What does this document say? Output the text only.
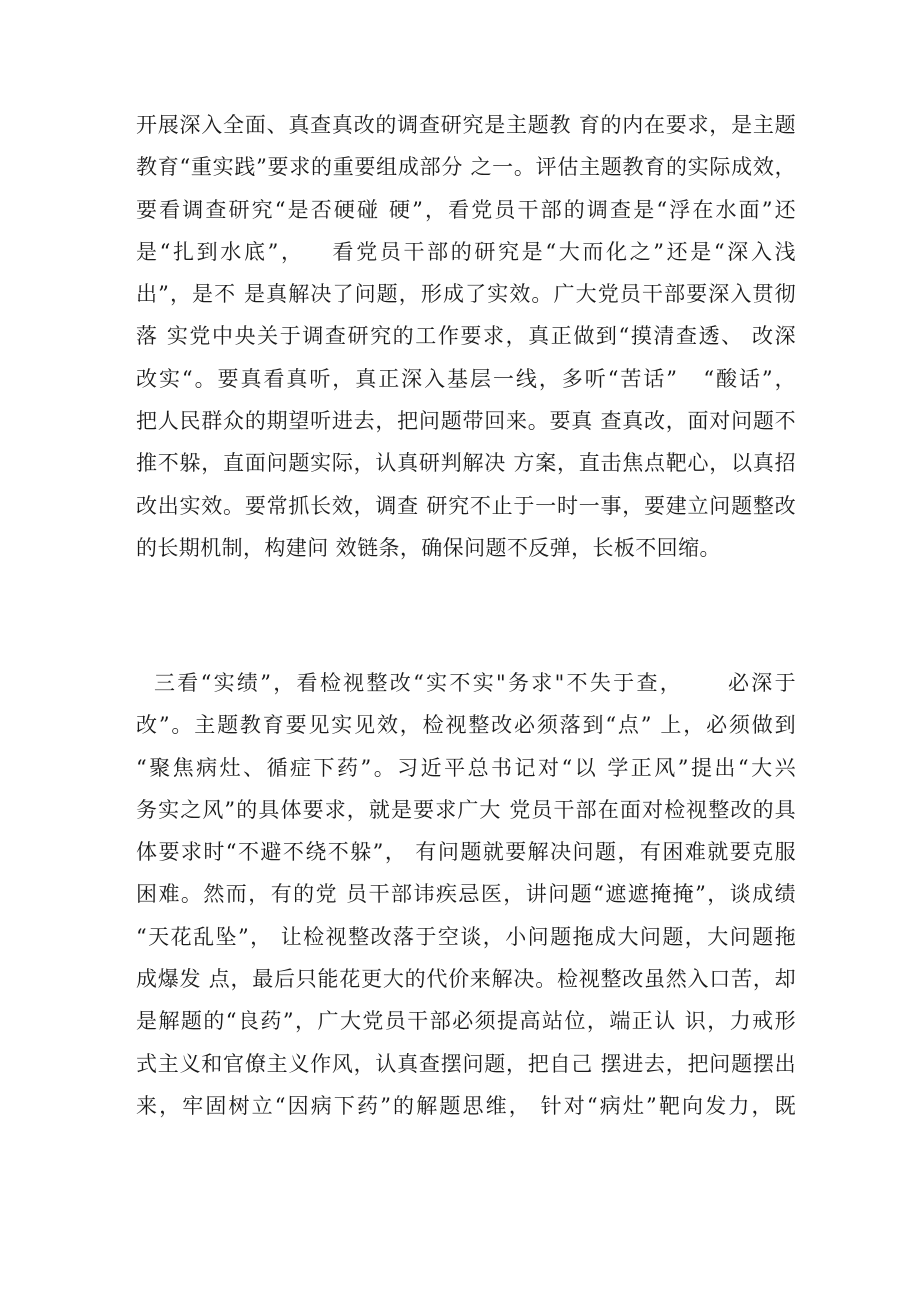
开展深入全面、真查真改的调查研究是主题教 育的内在要求，是主题
教育“重实践”要求的重要组成部分 之一。评估主题教育的实际成效，
要看调查研究“是否硬碰 硬”，看党员干部的调查是“浮在水面”还
是“扎到水底”，   看党员干部的研究是“大而化之”还是“深入浅
出”，是不 是真解决了问题，形成了实效。广大党员干部要深入贯彻
落 实党中央关于调查研究的工作要求，真正做到“摸清查透、 改深
改实“。要真看真听，真正深入基层一线，多听“苦话”   “酸话”，
把人民群众的期望听进去，把问题带回来。要真 查真改，面对问题不
推不躲，直面问题实际，认真研判解决 方案，直击焦点靶心，以真招
改出实效。要常抓长效，调查 研究不止于一时一事，要建立问题整改
的长期机制，构建问 效链条，确保问题不反弹，长板不回缩。
三看“实绩”，看检视整改“实不实"务求"不失于查，     必深于
改”。主题教育要见实见效，检视整改必须落到“点” 上，必须做到
“聚焦病灶、循症下药”。习近平总书记对“以 学正风”提出“大兴
务实之风”的具体要求，就是要求广大 党员干部在面对检视整改的具
体要求时“不避不绕不躲”， 有问题就要解决问题，有困难就要克服
困难。然而，有的党 员干部讳疾忌医，讲问题“遮遮掩掩”，谈成绩
“天花乱坠”， 让检视整改落于空谈，小问题拖成大问题，大问题拖
成爆发 点，最后只能花更大的代价来解决。检视整改虽然入口苦，却
是解题的“良药”，广大党员干部必须提高站位，端正认 识，力戒形
式主义和官僚主义作风，认真查摆问题，把自己 摆进去，把问题摆出
来，牢固树立“因病下药”的解题思维， 针对“病灶”靶向发力，既
